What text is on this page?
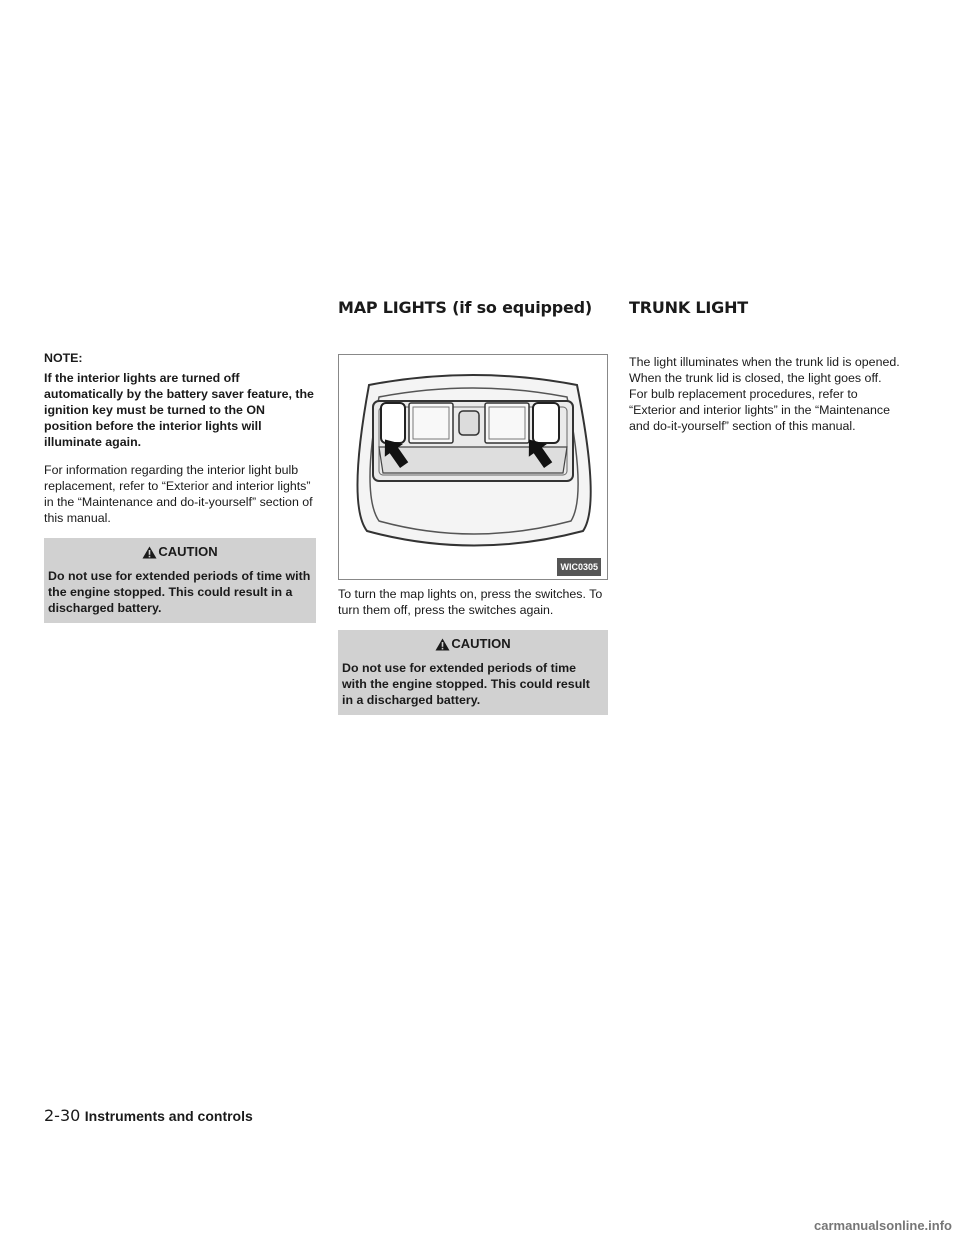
MAP LIGHTS (if so equipped) TRUNK LIGHT

NOTE:

If the interior lights are turned off automatically by the battery saver feature, the ignition key must be turned to the ON position before the interior lights will illuminate again.

For information regarding the interior light bulb replacement, refer to “Exterior and interior lights” in the “Maintenance and do-it-yourself” section of this manual.

CAUTION
Do not use for extended periods of time with the engine stopped. This could result in a discharged battery.
WIC0305

To turn the map lights on, press the switches. To turn them off, press the switches again.

CAUTION
Do not use for extended periods of time with the engine stopped. This could result in a discharged battery.

The light illuminates when the trunk lid is opened. When the trunk lid is closed, the light goes off. For bulb replacement procedures, refer to “Exterior and interior lights” in the “Maintenance and do-it-yourself” section of this manual.

2-30 Instruments and controls
carmanualsonline.info
